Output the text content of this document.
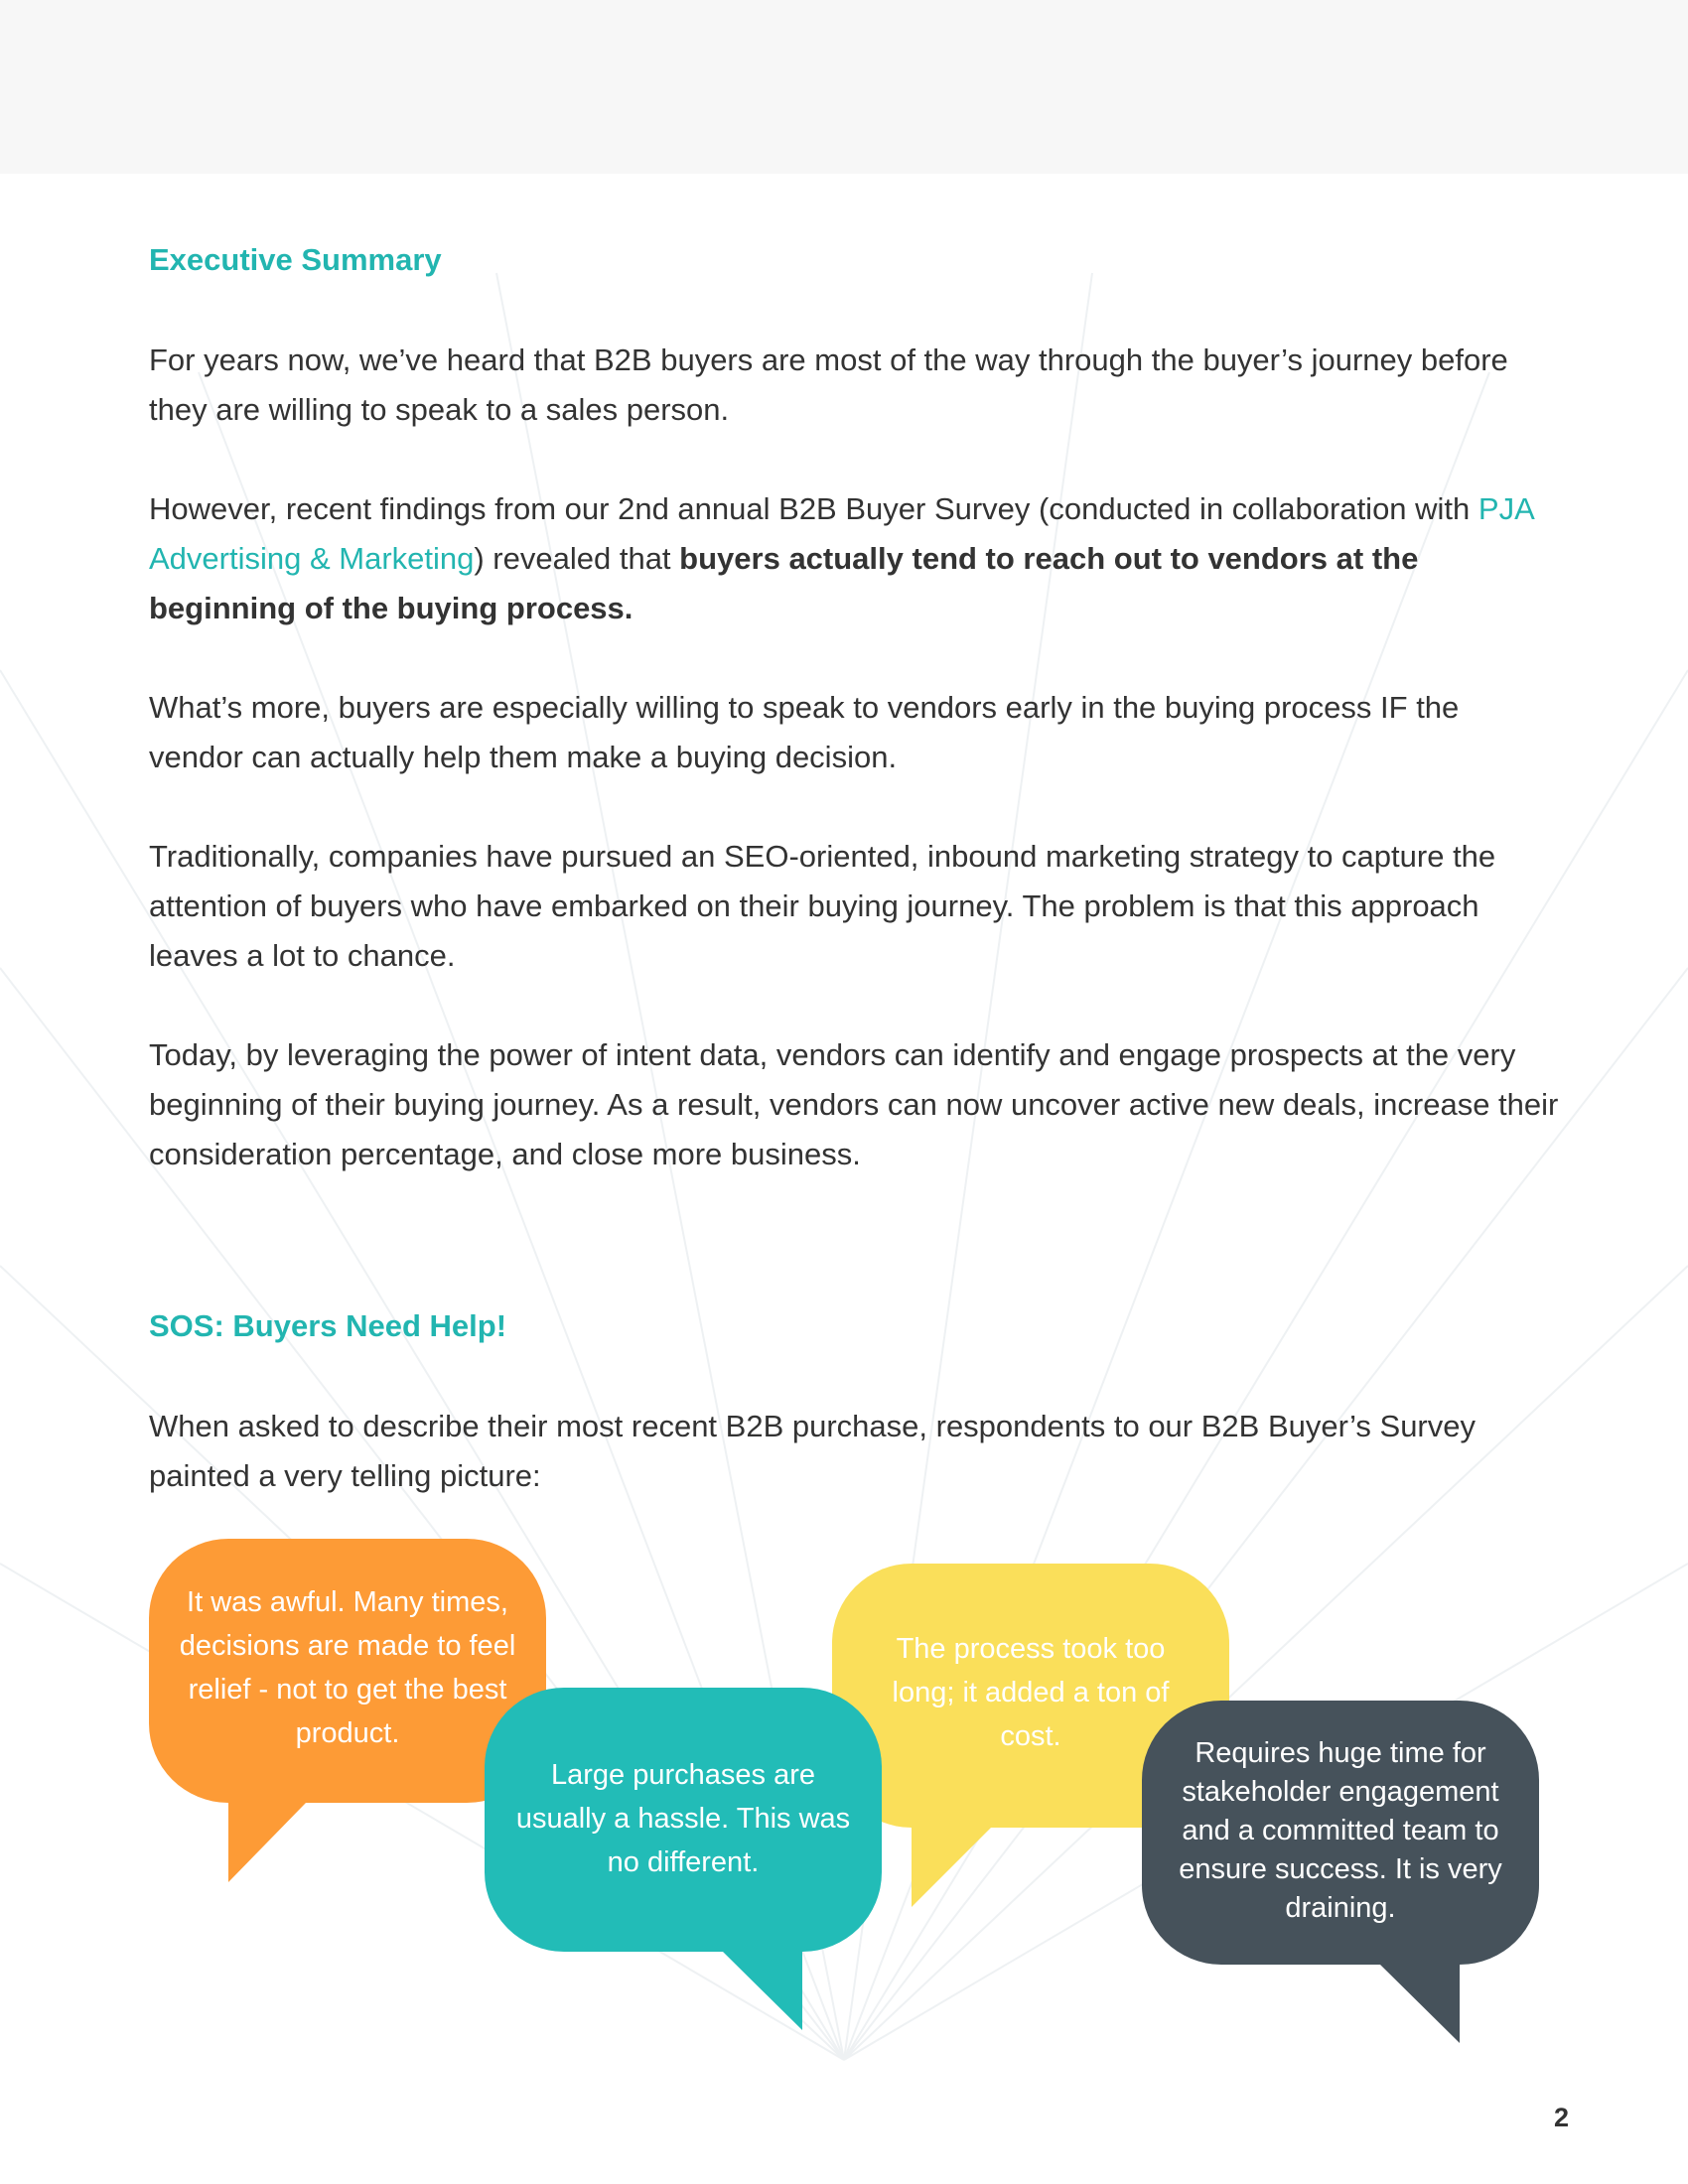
Executive Summary

For years now, we’ve heard that B2B buyers are most of the way through the buyer’s journey before they are willing to speak to a sales person.

However, recent findings from our 2nd annual B2B Buyer Survey (conducted in collaboration with PJA Advertising & Marketing) revealed that buyers actually tend to reach out to vendors at the beginning of the buying process.

What’s more, buyers are especially willing to speak to vendors early in the buying process IF the vendor can actually help them make a buying decision.

Traditionally, companies have pursued an SEO-oriented, inbound marketing strategy to capture the attention of buyers who have embarked on their buying journey. The problem is that this approach leaves a lot to chance.

Today, by leveraging the power of intent data, vendors can identify and engage prospects at the very beginning of their buying journey. As a result, vendors can now uncover active new deals, increase their consideration percentage, and close more business.

SOS: Buyers Need Help!

When asked to describe their most recent B2B purchase, respondents to our B2B Buyer’s Survey painted a very telling picture:

It was awful. Many times, decisions are made to feel relief - not to get the best product.

The process took too long; it added a ton of cost.

Large purchases are usually a hassle. This was no different.

Requires huge time for stakeholder engagement and a committed team to ensure success. It is very draining.

2
